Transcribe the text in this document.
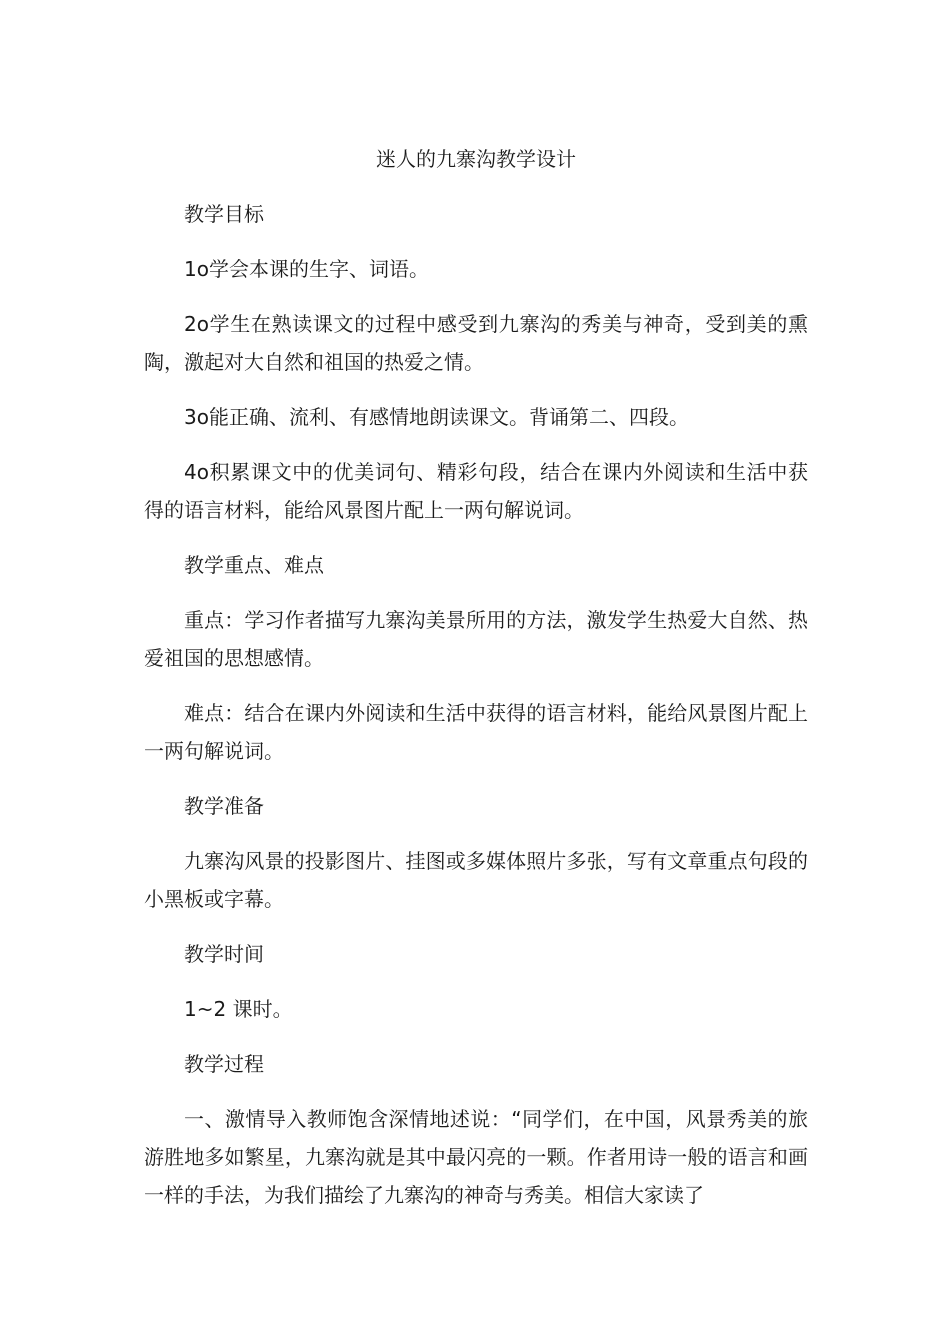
迷人的九寨沟教学设计

教学目标

1o学会本课的生字、词语。

2o学生在熟读课文的过程中感受到九寨沟的秀美与神奇，受到美的熏陶，激起对大自然和祖国的热爱之情。

3o能正确、流利、有感情地朗读课文。背诵第二、四段。

4o积累课文中的优美词句、精彩句段，结合在课内外阅读和生活中获得的语言材料，能给风景图片配上一两句解说词。

教学重点、难点

重点：学习作者描写九寨沟美景所用的方法，激发学生热爱大自然、热爱祖国的思想感情。

难点：结合在课内外阅读和生活中获得的语言材料，能给风景图片配上一两句解说词。

教学准备

九寨沟风景的投影图片、挂图或多媒体照片多张，写有文章重点句段的小黑板或字幕。

教学时间

1~2 课时。

教学过程

一、激情导入教师饱含深情地述说：“同学们，在中国，风景秀美的旅游胜地多如繁星，九寨沟就是其中最闪亮的一颗。作者用诗一般的语言和画一样的手法，为我们描绘了九寨沟的神奇与秀美。相信大家读了
